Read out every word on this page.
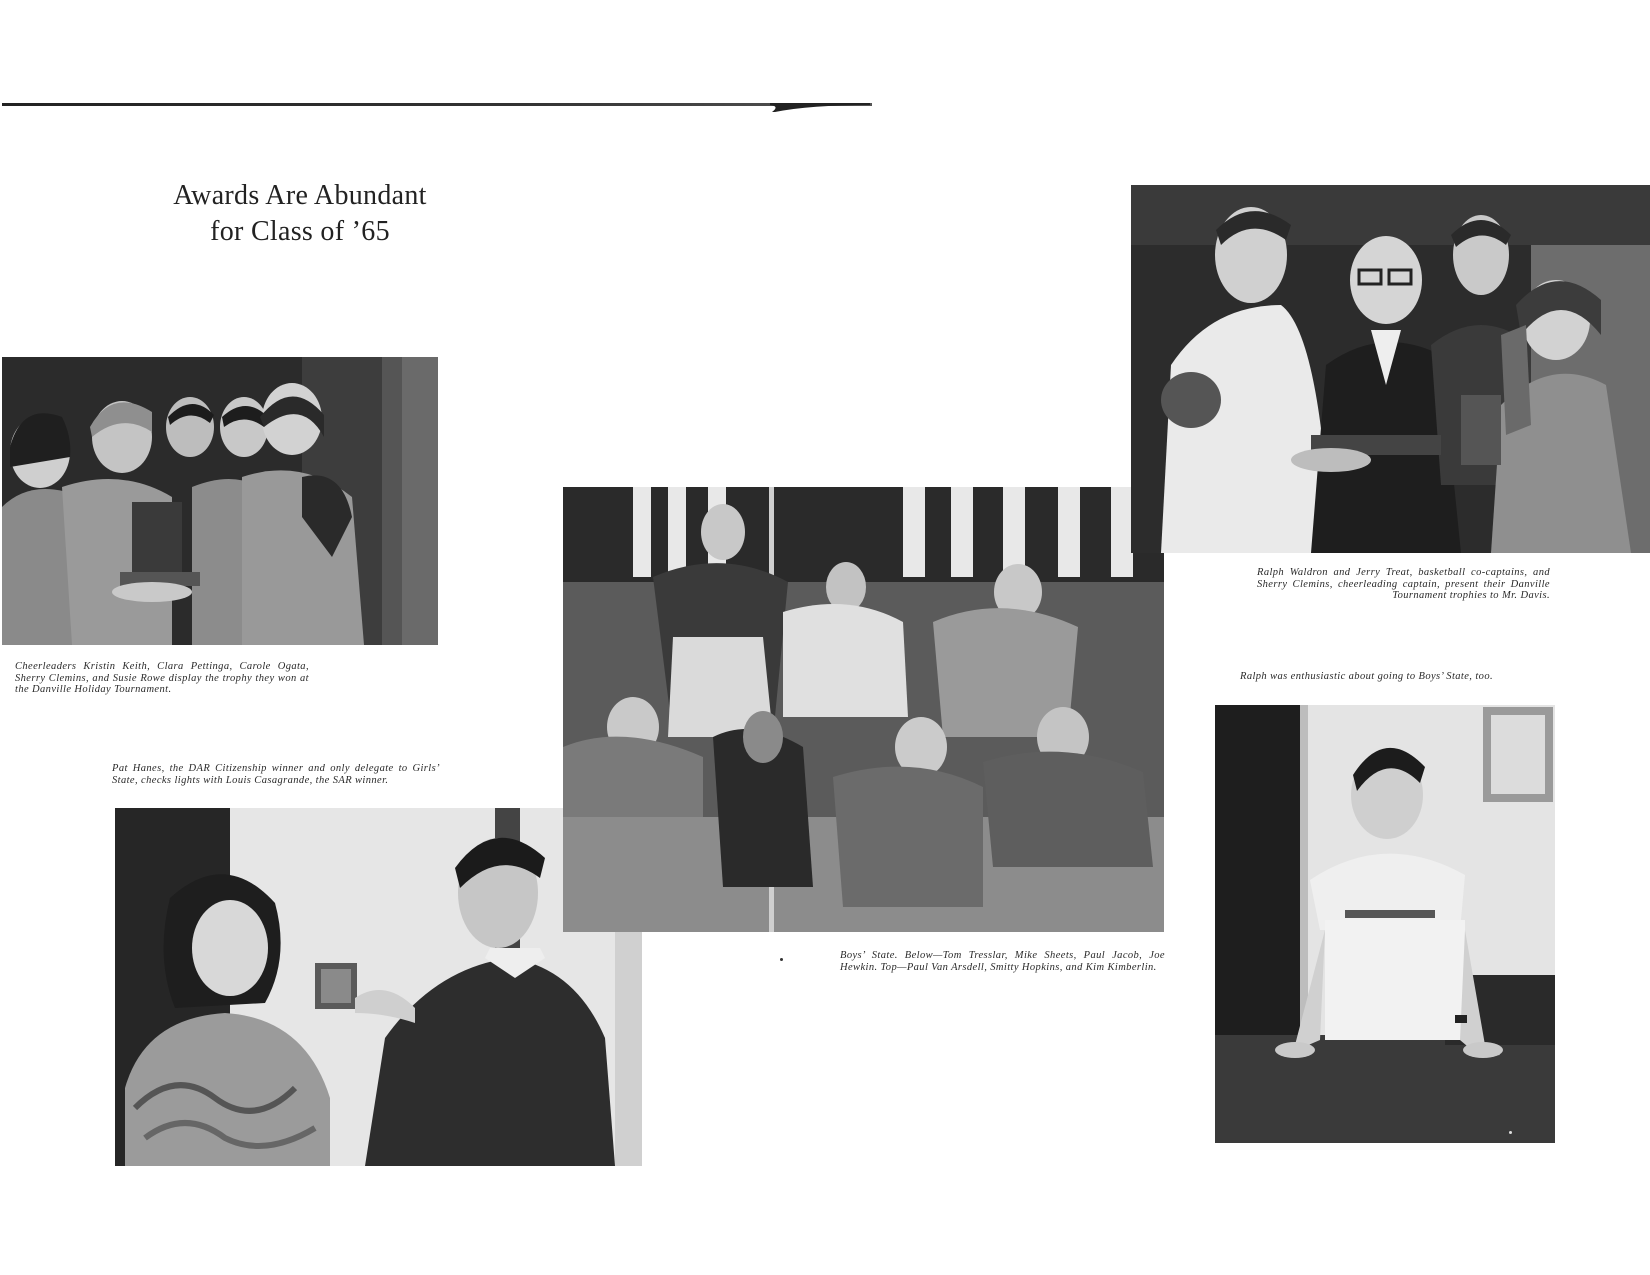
Awards Are Abundant
for Class of ’65
Cheerleaders Kristin Keith, Clara Pettinga, Carole Ogata, Sherry Clemins, and Susie Rowe display the trophy they won at the Danville Holiday Tournament.
Pat Hanes, the DAR Citizenship winner and only delegate to Girls’ State, checks lights with Louis Casagrande, the SAR winner.
Boys’ State. Below—Tom Tresslar, Mike Sheets, Paul Jacob, Joe Hewkin. Top—Paul Van Arsdell, Smitty Hopkins, and Kim Kimberlin.
Ralph Waldron and Jerry Treat, basketball co-captains, and Sherry Clemins, cheerleading captain, present their Danville Tournament trophies to Mr. Davis.
Ralph was enthusiastic about going to Boys’ State, too.
